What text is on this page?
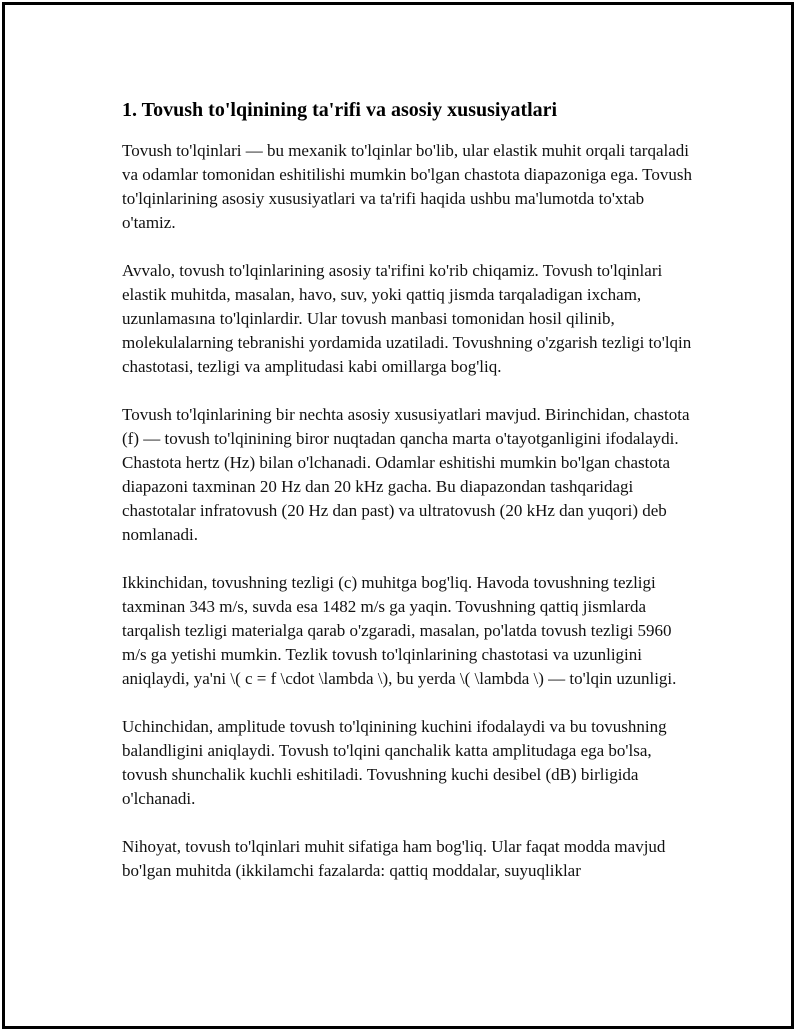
1. Tovush to'lqinining ta'rifi va asosiy xususiyatlari

Tovush to'lqinlari — bu mexanik to'lqinlar bo'lib, ular elastik muhit orqali tarqaladi va odamlar tomonidan eshitilishi mumkin bo'lgan chastota diapazoniga ega. Tovush to'lqinlarining asosiy xususiyatlari va ta'rifi haqida ushbu ma'lumotda to'xtab o'tamiz.

Avvalo, tovush to'lqinlarining asosiy ta'rifini ko'rib chiqamiz. Tovush to'lqinlari elastik muhitda, masalan, havo, suv, yoki qattiq jismda tarqaladigan ixcham, uzunlamasına to'lqinlardir. Ular tovush manbasi tomonidan hosil qilinib, molekulalarning tebranishi yordamida uzatiladi. Tovushning o'zgarish tezligi to'lqin chastotasi, tezligi va amplitudasi kabi omillarga bog'liq.

Tovush to'lqinlarining bir nechta asosiy xususiyatlari mavjud. Birinchidan, chastota (f) — tovush to'lqinining biror nuqtadan qancha marta o'tayotganligini ifodalaydi. Chastota hertz (Hz) bilan o'lchanadi. Odamlar eshitishi mumkin bo'lgan chastota diapazoni taxminan 20 Hz dan 20 kHz gacha. Bu diapazondan tashqaridagi chastotalar infratovush (20 Hz dan past) va ultratovush (20 kHz dan yuqori) deb nomlanadi.

Ikkinchidan, tovushning tezligi (c) muhitga bog'liq. Havoda tovushning tezligi taxminan 343 m/s, suvda esa 1482 m/s ga yaqin. Tovushning qattiq jismlarda tarqalish tezligi materialga qarab o'zgaradi, masalan, po'latda tovush tezligi 5960 m/s ga yetishi mumkin. Tezlik tovush to'lqinlarining chastotasi va uzunligini aniqlaydi, ya'ni \( c = f \cdot \lambda \), bu yerda \( \lambda \) — to'lqin uzunligi.

Uchinchidan, amplitude tovush to'lqinining kuchini ifodalaydi va bu tovushning balandligini aniqlaydi. Tovush to'lqini qanchalik katta amplitudaga ega bo'lsa, tovush shunchalik kuchli eshitiladi. Tovushning kuchi desibel (dB) birligida o'lchanadi.

Nihoyat, tovush to'lqinlari muhit sifatiga ham bog'liq. Ular faqat modda mavjud bo'lgan muhitda (ikkilamchi fazalarda: qattiq moddalar, suyuqliklar
